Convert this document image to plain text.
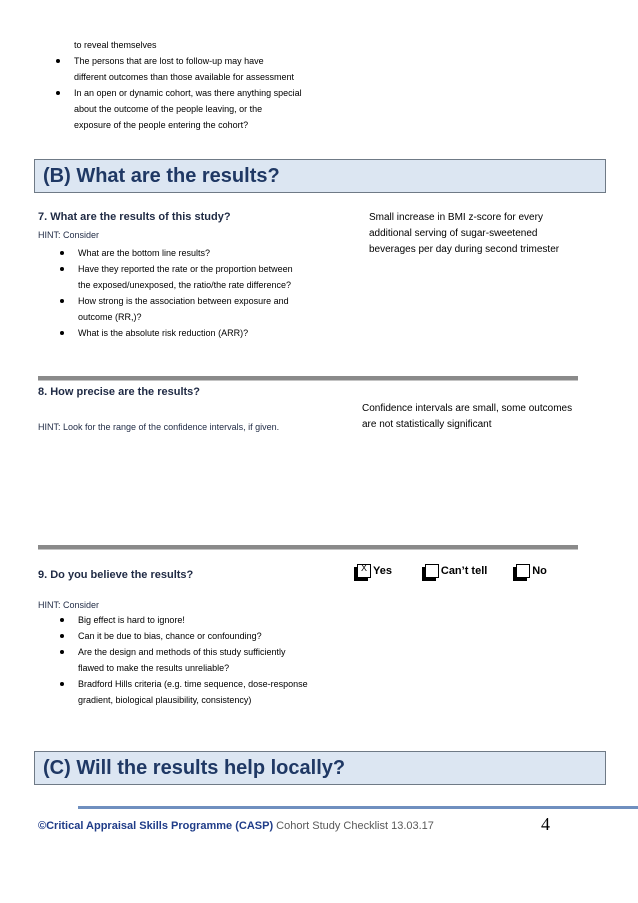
to reveal themselves
The persons that are lost to follow-up may have
different outcomes than those available for assessment
In an open or dynamic cohort, was there anything special
about the outcome of the people leaving, or the
exposure of the people entering the cohort?
(B) What are the results?
7. What are the results of this study?
HINT: Consider
What are the bottom line results?
Have they reported the rate or the proportion between
the exposed/unexposed, the ratio/the rate difference?
How strong is the association between exposure and
outcome (RR,)?
What is the absolute risk reduction (ARR)?
Small increase in BMI z-score for every
additional serving of sugar-sweetened
beverages per day during second trimester
8. How precise are the results?
HINT: Look for the range of the confidence intervals, if given.
Confidence intervals are small, some outcomes
are not statistically significant
9. Do you believe the results?
X Yes	Can’t tell	No
HINT: Consider
Big effect is hard to ignore!
Can it be due to bias, chance or confounding?
Are the design and methods of this study sufficiently
flawed to make the results unreliable?
Bradford Hills criteria (e.g. time sequence, dose-response
gradient, biological plausibility, consistency)
(C) Will the results help locally?
©Critical Appraisal Skills Programme (CASP) Cohort Study Checklist 13.03.17	4
